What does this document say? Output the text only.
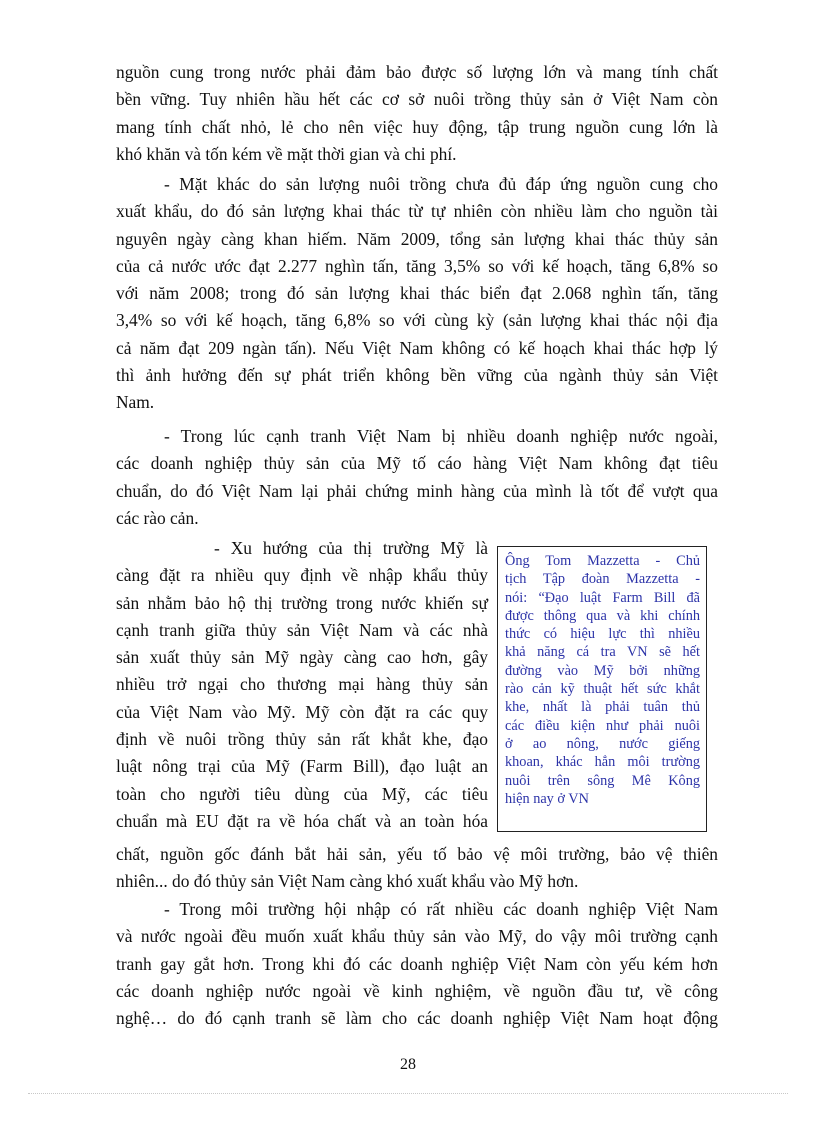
nguồn cung trong nước phải đảm bảo được số lượng lớn và mang tính chất
bền vững. Tuy nhiên hầu hết các cơ sở nuôi trồng thủy sản ở Việt Nam còn
mang tính chất nhỏ, lẻ cho nên việc huy động, tập trung nguồn cung lớn là
khó khăn và tốn kém về mặt thời gian và chi phí.
- Mặt khác do sản lượng nuôi trồng chưa đủ đáp ứng nguồn cung cho
xuất khẩu, do đó sản lượng khai thác từ tự nhiên còn nhiều làm cho nguồn tài
nguyên ngày càng khan hiếm. Năm 2009, tổng sản lượng khai thác thủy sản
của cả nước ước đạt 2.277 nghìn tấn, tăng 3,5% so với kế hoạch, tăng 6,8% so
với năm 2008; trong đó sản lượng khai thác biển đạt 2.068 nghìn tấn, tăng
3,4% so với kế hoạch, tăng 6,8% so với cùng kỳ (sản lượng khai thác nội địa
cả năm đạt 209 ngàn tấn). Nếu Việt Nam không có kế hoạch khai thác hợp lý
thì ảnh hưởng đến sự phát triển không bền vững của ngành thủy sản Việt
Nam.
- Trong lúc cạnh tranh Việt Nam bị nhiều doanh nghiệp nước ngoài,
các doanh nghiệp thủy sản của Mỹ tố cáo hàng Việt Nam không đạt tiêu
chuẩn, do đó Việt Nam lại phải chứng minh hàng của mình là tốt để vượt qua
các rào cản.
- Xu hướng của thị trường Mỹ là
càng đặt ra nhiều quy định về nhập khẩu thủy
sản nhằm bảo hộ thị trường trong nước khiến sự
cạnh tranh giữa thủy sản Việt Nam và các nhà
sản xuất thủy sản Mỹ ngày càng cao hơn, gây
nhiều trở ngại cho thương mại hàng thủy sản
của Việt Nam vào Mỹ. Mỹ còn đặt ra các quy
định về nuôi trồng thủy sản rất khắt khe, đạo
luật nông trại của Mỹ (Farm Bill), đạo luật an
toàn cho người tiêu dùng của Mỹ, các tiêu
chuẩn mà EU đặt ra về hóa chất và an toàn hóa
chất, nguồn gốc đánh bắt hải sản, yếu tố bảo vệ môi trường, bảo vệ thiên
nhiên... do đó thủy sản Việt Nam càng khó xuất khẩu vào Mỹ hơn.
- Trong môi trường hội nhập có rất nhiều các doanh nghiệp Việt Nam
và nước ngoài đều muốn xuất khẩu thủy sản vào Mỹ, do vậy môi trường cạnh
tranh gay gắt hơn. Trong khi đó các doanh nghiệp Việt Nam còn yếu kém hơn
các doanh nghiệp nước ngoài về kinh nghiệm, về nguồn đầu tư, về công
nghệ… do đó cạnh tranh sẽ làm cho các doanh nghiệp Việt Nam hoạt động
Ông Tom Mazzetta - Chủ
tịch Tập đoàn Mazzetta -
nói: “Đạo luật Farm Bill đã
được thông qua và khi chính
thức có hiệu lực thì nhiều
khả năng cá tra VN sẽ hết
đường vào Mỹ bởi những
rào cản kỹ thuật hết sức khắt
khe, nhất là phải tuân thủ
các điều kiện như phải nuôi
ở ao nông, nước giếng
khoan, khác hẳn môi trường
nuôi trên sông Mê Kông
hiện nay ở VN
28
